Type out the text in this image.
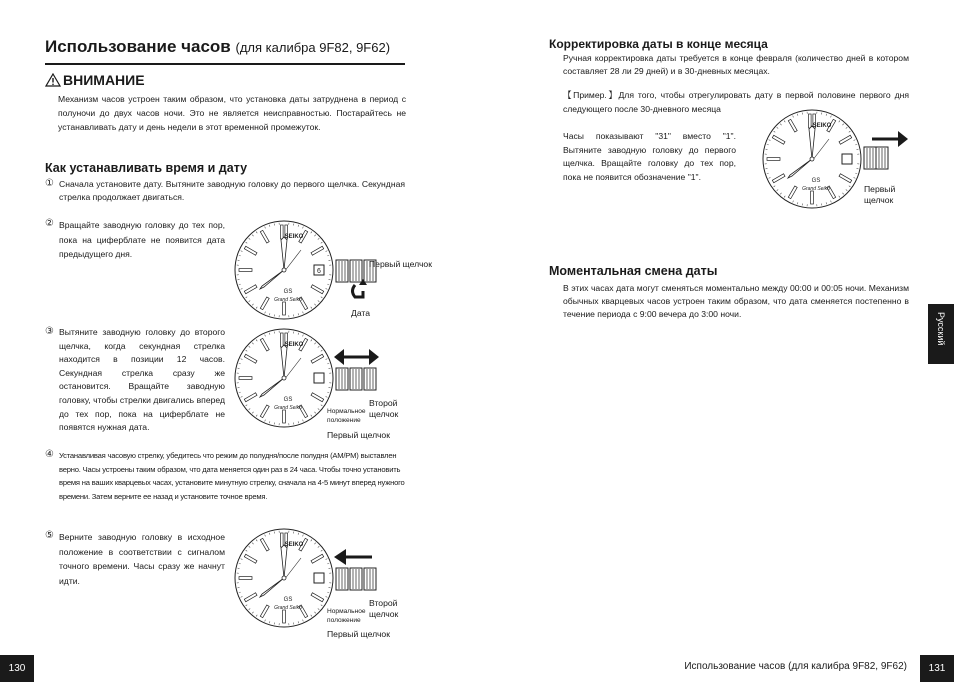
Использование часов (для калибра 9F82, 9F62)
ВНИМАНИЕ
Механизм часов устроен таким образом, что установка даты затруднена в период с полуночи до двух часов ночи. Это не является неисправностью. Постарайтесь не устанавливать дату и день недели в этот временной промежуток.
Как устанавливать время и дату
① Сначала установите дату. Вытяните заводную головку до первого щелчка. Секундная стрелка продолжает двигаться.
② Вращайте заводную головку до тех пор, пока на циферблате не появится дата предыдущего дня.
③ Вытяните заводную головку до второго щелчка, когда секундная стрелка находится в позиции 12 часов. Секундная стрелка сразу же остановится. Вращайте заводную головку, чтобы стрелки двигались вперед до тех пор, пока на циферблате не появятся нужная дата.
④ Устанавливая часовую стрелку, убедитесь что режим до полудня/после полудня (AM/PM) выставлен верно. Часы устроены таким образом, что дата меняется один раз в 24 часа. Чтобы точно установить время на ваших кварцевых часах, установите минутную стрелку, сначала на 4-5 минут вперед нужного времени. Затем верните ее назад и установите точное время.
⑤ Верните заводную головку в исходное положение в соответствии с сигналом точного времени. Часы сразу же начнут идти.
SEIKO
GS
Grand Seiko
6
Первый щелчок
Дата
SEIKO
GS
Grand Seiko	Второй щелчок
Нормальное положение
Первый щелчок
SEIKO
GS
Grand Seiko	Второй щелчок
Нормальное положение
Первый щелчок
130
Корректировка даты в конце месяца
Ручная корректировка даты требуется в конце февраля (количество дней в котором составляет 28 ли 29 дней) и в 30-дневных месяцах.
【Пример.】Для того, чтобы отрегулировать дату в первой половине первого дня следующего после 30-дневного месяца
Часы показывают "31" вместо "1". Вытяните заводную головку до первого щелчка. Вращайте головку до тех пор, пока не появится обозначение "1".
SEIKO
GS
Grand Seiko	Первый щелчок
Моментальная смена даты
В этих часах дата могут сменяться моментально между 00:00 и 00:05 ночи. Механизм обычных кварцевых часов устроен таким образом, что дата сменяется постепенно в течение периода с 9:00 вечера до 3:00 ночи.	Русский
Использование часов (для калибра 9F82, 9F62)	131
